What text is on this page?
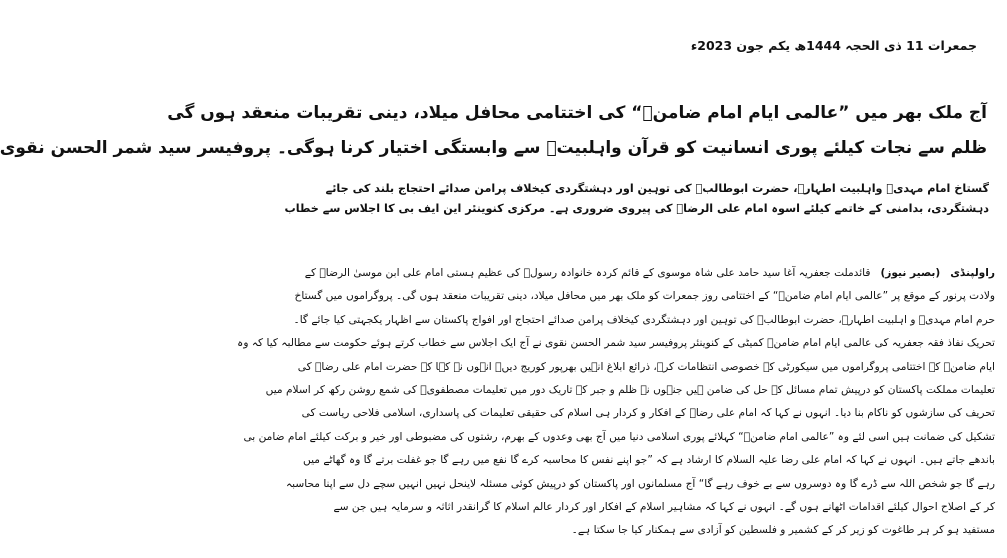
جمعرات 11 ذی الحجہ 1444ھ یکم جون 2023ء
آج ملک بھر میں ”عالمی ایام امام ضامنؑ“ کی اختتامی محافل میلاد، دینی تقریبات منعقد ہوں گی
ظلم سے نجات کیلئے پوری انسانیت کو قرآن واہلبیتؑ سے وابستگی اختیار کرنا ہوگی۔ پروفیسر سید شمر الحسن نقوی
گستاخ امام مہدیؑ واہلبیت اطہارؑ، حضرت ابوطالبؑ کی توہین اور دہشتگردی کیخلاف پرامن صدائے احتجاج بلند کی جائے
دہشتگردی، بدامنی کے خاتمے کیلئے اسوہ امام علی الرضاؑ کی پیروی ضروری ہے۔ مرکزی کنوینئر این ایف بی کا اجلاس سے خطاب
راولپنڈی(بصیر نیوز)قائدملت جعفریہ آغا سید حامد علی شاہ موسوی کے قائم کردہ خانوادہ رسولؐ کی عظیم ہستی امام علی ابن موسیٰ الرضاؑ کے
ولادت پرنور کے موقع پر ”عالمی ایام امام ضامنؑ“ کے اختتامی روز جمعرات کو ملک بھر میں محافل میلاد، دینی تقریبات منعقد ہوں گی۔ پروگراموں میں گستاخ
حرم امام مہدیؑ و اہلبیت اطہارؑ، حضرت ابوطالبؑ کی توہین اور دہشتگردی کیخلاف پرامن صدائے احتجاج اور افواج پاکستان سے اظہار یکجہتی کیا جائے گا۔
تحریک نفاذ فقہ جعفریہ کی عالمی ایام امام ضامنؑ کمیٹی کے کنوینئر پروفیسر سید شمر الحسن نقوی نے آج ایک اجلاس سے خطاب کرتے ہوئے حکومت سے مطالبہ کیا کہ وہ
ایام ضامنؑ کے اختتامی پروگراموں میں سیکورٹی کے خصوصی انتظامات کرے، ذرائع ابلاغ انہیں بھرپور کوریج دیں۔ انہوں نے کہا کہ حضرت امام علی رضاؑ کی
تعلیمات مملکت پاکستان کو درپیش تمام مسائل کے حل کی ضامن ہیں جنہوں نے ظلم و جبر کے تاریک دور میں تعلیمات مصطفویؐ کی شمع روشن رکھ کر اسلام میں
تحریف کی سازشوں کو ناکام بنا دیا۔ انہوں نے کہا کہ امام علی رضاؑ کے افکار و کردار ہی اسلام کی حقیقی تعلیمات کی پاسداری، اسلامی فلاحی ریاست کی
تشکیل کی ضمانت ہیں اسی لئے وہ ”عالمی امام ضامنؑ“ کہلائے پوری اسلامی دنیا میں آج بھی وعدوں کے بھرم، رشتوں کی مضبوطی اور خیر و برکت کیلئے امام ضامن بی
باندھے جاتے ہیں۔ انہوں نے کہا کہ امام علی رضا علیہ السلام کا ارشاد ہے کہ ”جو اپنے نفس کا محاسبہ کرے گا نفع میں رہے گا جو غفلت برتے گا وہ گھاٹے میں
رہے گا جو شخص اللہ سے ڈرے گا وہ دوسروں سے بے خوف رہے گا“ آج مسلمانوں اور پاکستان کو درپیش کوئی مسئلہ لاینحل نہیں انہیں سچے دل سے اپنا محاسبہ
کر کے اصلاح احوال کیلئے اقدامات اٹھانے ہوں گے۔ انہوں نے کہا کہ مشاہیر اسلام کے افکار اور کردار عالم اسلام کا گرانقدر اثاثہ و سرمایہ ہیں جن سے
مستفید ہو کر ہر طاغوت کو زیر کر کے کشمیر و فلسطین کو آزادی سے ہمکنار کیا جا سکتا ہے۔
